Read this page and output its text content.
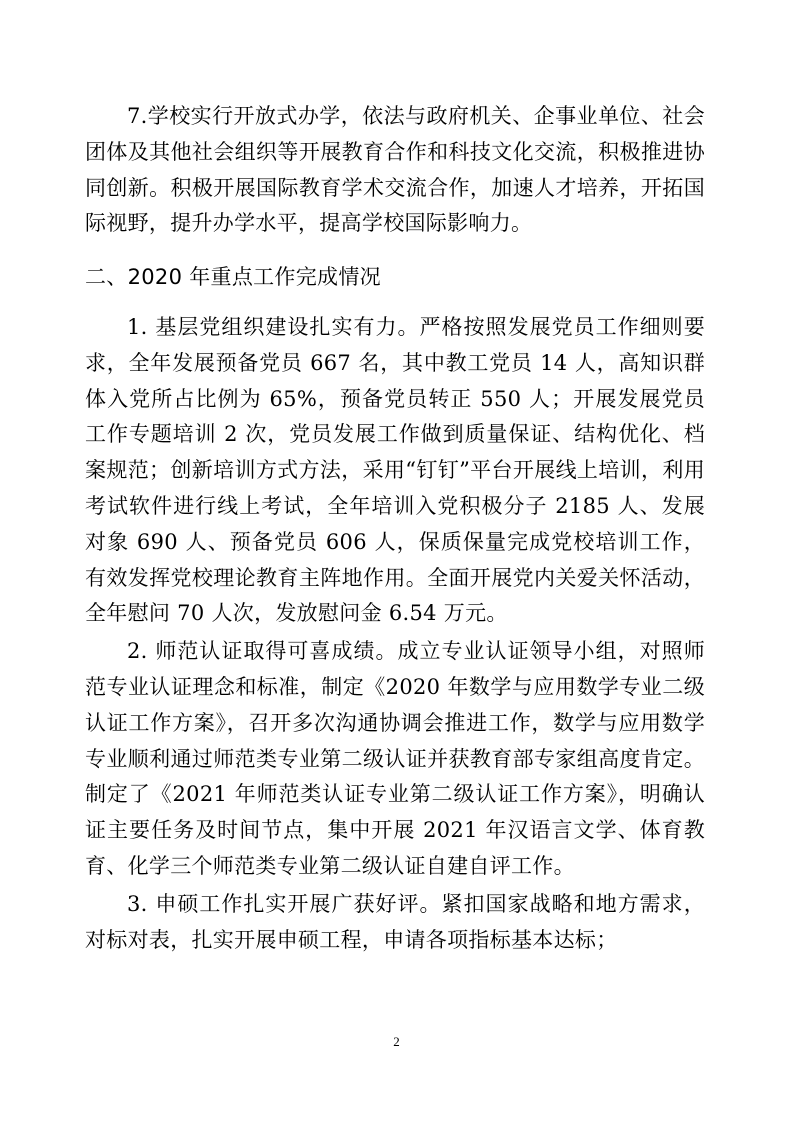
7.学校实行开放式办学，依法与政府机关、企事业单位、社会团体及其他社会组织等开展教育合作和科技文化交流，积极推进协同创新。积极开展国际教育学术交流合作，加速人才培养，开拓国际视野，提升办学水平，提高学校国际影响力。

二、2020 年重点工作完成情况

1. 基层党组织建设扎实有力。严格按照发展党员工作细则要求，全年发展预备党员 667 名，其中教工党员 14 人，高知识群体入党所占比例为 65%，预备党员转正 550 人；开展发展党员工作专题培训 2 次，党员发展工作做到质量保证、结构优化、档案规范；创新培训方式方法，采用“钉钉”平台开展线上培训，利用考试软件进行线上考试，全年培训入党积极分子 2185 人、发展对象 690 人、预备党员 606 人，保质保量完成党校培训工作，有效发挥党校理论教育主阵地作用。全面开展党内关爱关怀活动，全年慰问 70 人次，发放慰问金 6.54 万元。

2. 师范认证取得可喜成绩。成立专业认证领导小组，对照师范专业认证理念和标准，制定《2020 年数学与应用数学专业二级认证工作方案》，召开多次沟通协调会推进工作，数学与应用数学专业顺利通过师范类专业第二级认证并获教育部专家组高度肯定。制定了《2021 年师范类认证专业第二级认证工作方案》，明确认证主要任务及时间节点，集中开展 2021 年汉语言文学、体育教育、化学三个师范类专业第二级认证自建自评工作。

3. 申硕工作扎实开展广获好评。紧扣国家战略和地方需求，对标对表，扎实开展申硕工程，申请各项指标基本达标；

2
